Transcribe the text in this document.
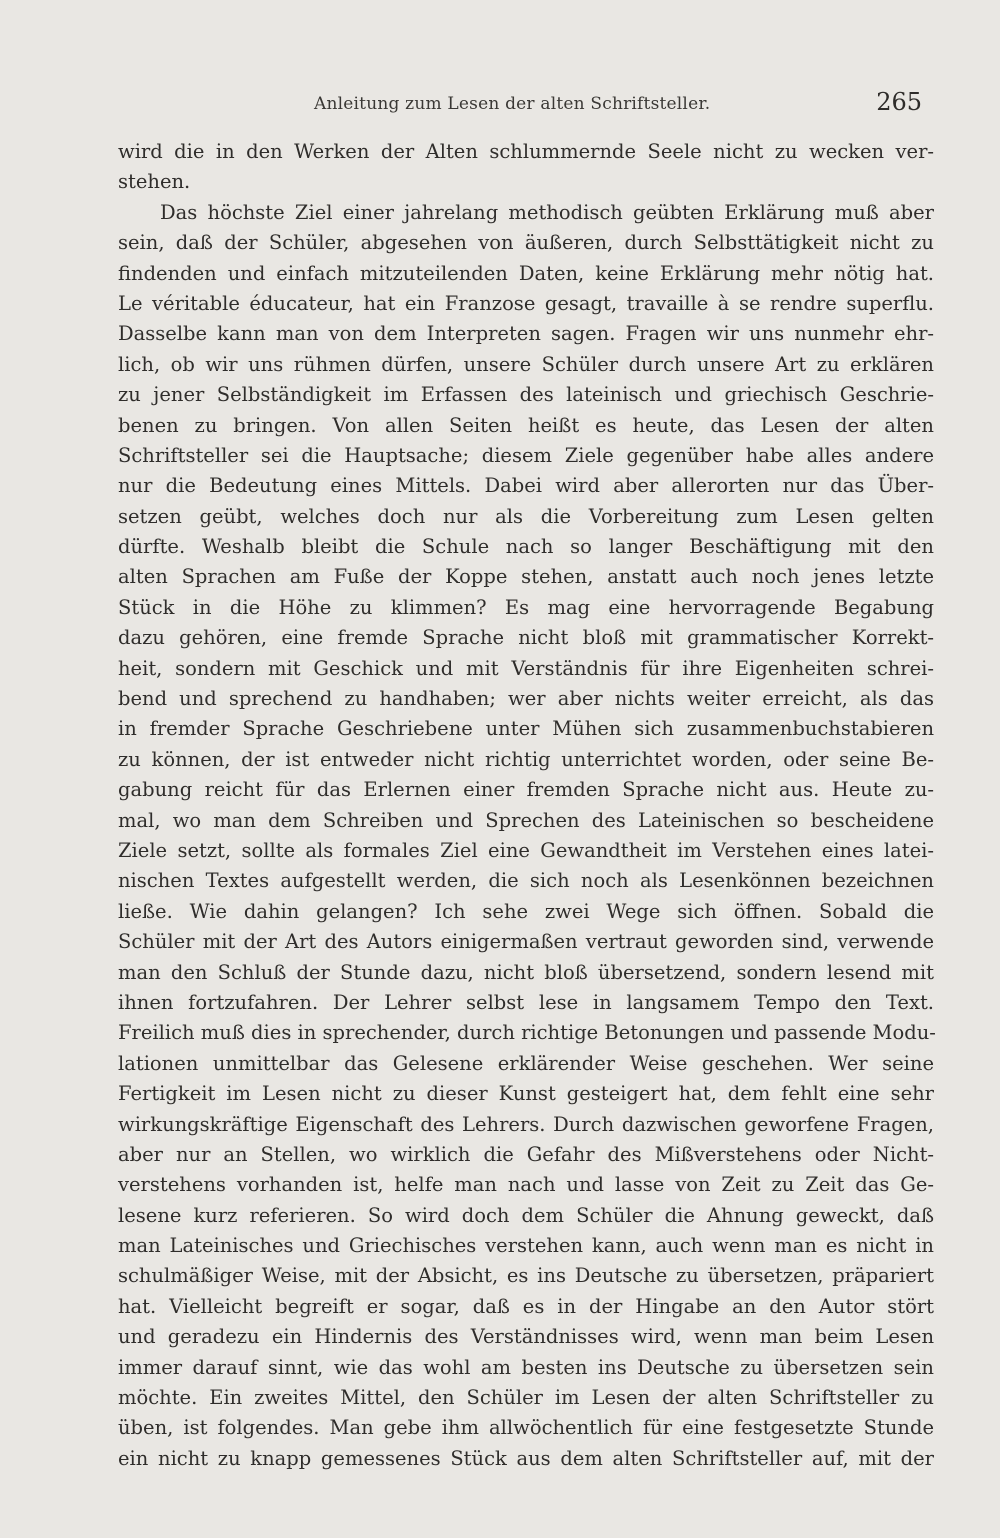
Anleitung zum Lesen der alten Schriftsteller.	265
wird die in den Werken der Alten schlummernde Seele nicht zu wecken ver-
stehen.
Das höchste Ziel einer jahrelang methodisch geübten Erklärung muß aber
sein, daß der Schüler, abgesehen von äußeren, durch Selbsttätigkeit nicht zu
findenden und einfach mitzuteilenden Daten, keine Erklärung mehr nötig hat.
Le véritable éducateur, hat ein Franzose gesagt, travaille à se rendre superflu.
Dasselbe kann man von dem Interpreten sagen. Fragen wir uns nunmehr ehr-
lich, ob wir uns rühmen dürfen, unsere Schüler durch unsere Art zu erklären
zu jener Selbständigkeit im Erfassen des lateinisch und griechisch Geschrie-
benen zu bringen. Von allen Seiten heißt es heute, das Lesen der alten
Schriftsteller sei die Hauptsache; diesem Ziele gegenüber habe alles andere
nur die Bedeutung eines Mittels. Dabei wird aber allerorten nur das Über-
setzen geübt, welches doch nur als die Vorbereitung zum Lesen gelten
dürfte. Weshalb bleibt die Schule nach so langer Beschäftigung mit den
alten Sprachen am Fuße der Koppe stehen, anstatt auch noch jenes letzte
Stück in die Höhe zu klimmen? Es mag eine hervorragende Begabung
dazu gehören, eine fremde Sprache nicht bloß mit grammatischer Korrekt-
heit, sondern mit Geschick und mit Verständnis für ihre Eigenheiten schrei-
bend und sprechend zu handhaben; wer aber nichts weiter erreicht, als das
in fremder Sprache Geschriebene unter Mühen sich zusammenbuchstabieren
zu können, der ist entweder nicht richtig unterrichtet worden, oder seine Be-
gabung reicht für das Erlernen einer fremden Sprache nicht aus. Heute zu-
mal, wo man dem Schreiben und Sprechen des Lateinischen so bescheidene
Ziele setzt, sollte als formales Ziel eine Gewandtheit im Verstehen eines latei-
nischen Textes aufgestellt werden, die sich noch als Lesenkönnen bezeichnen
ließe. Wie dahin gelangen? Ich sehe zwei Wege sich öffnen. Sobald die
Schüler mit der Art des Autors einigermaßen vertraut geworden sind, verwende
man den Schluß der Stunde dazu, nicht bloß übersetzend, sondern lesend mit
ihnen fortzufahren. Der Lehrer selbst lese in langsamem Tempo den Text.
Freilich muß dies in sprechender, durch richtige Betonungen und passende Modu-
lationen unmittelbar das Gelesene erklärender Weise geschehen. Wer seine
Fertigkeit im Lesen nicht zu dieser Kunst gesteigert hat, dem fehlt eine sehr
wirkungskräftige Eigenschaft des Lehrers. Durch dazwischen geworfene Fragen,
aber nur an Stellen, wo wirklich die Gefahr des Mißverstehens oder Nicht-
verstehens vorhanden ist, helfe man nach und lasse von Zeit zu Zeit das Ge-
lesene kurz referieren. So wird doch dem Schüler die Ahnung geweckt, daß
man Lateinisches und Griechisches verstehen kann, auch wenn man es nicht in
schulmäßiger Weise, mit der Absicht, es ins Deutsche zu übersetzen, präpariert
hat. Vielleicht begreift er sogar, daß es in der Hingabe an den Autor stört
und geradezu ein Hindernis des Verständnisses wird, wenn man beim Lesen
immer darauf sinnt, wie das wohl am besten ins Deutsche zu übersetzen sein
möchte. Ein zweites Mittel, den Schüler im Lesen der alten Schriftsteller zu
üben, ist folgendes. Man gebe ihm allwöchentlich für eine festgesetzte Stunde
ein nicht zu knapp gemessenes Stück aus dem alten Schriftsteller auf, mit der
